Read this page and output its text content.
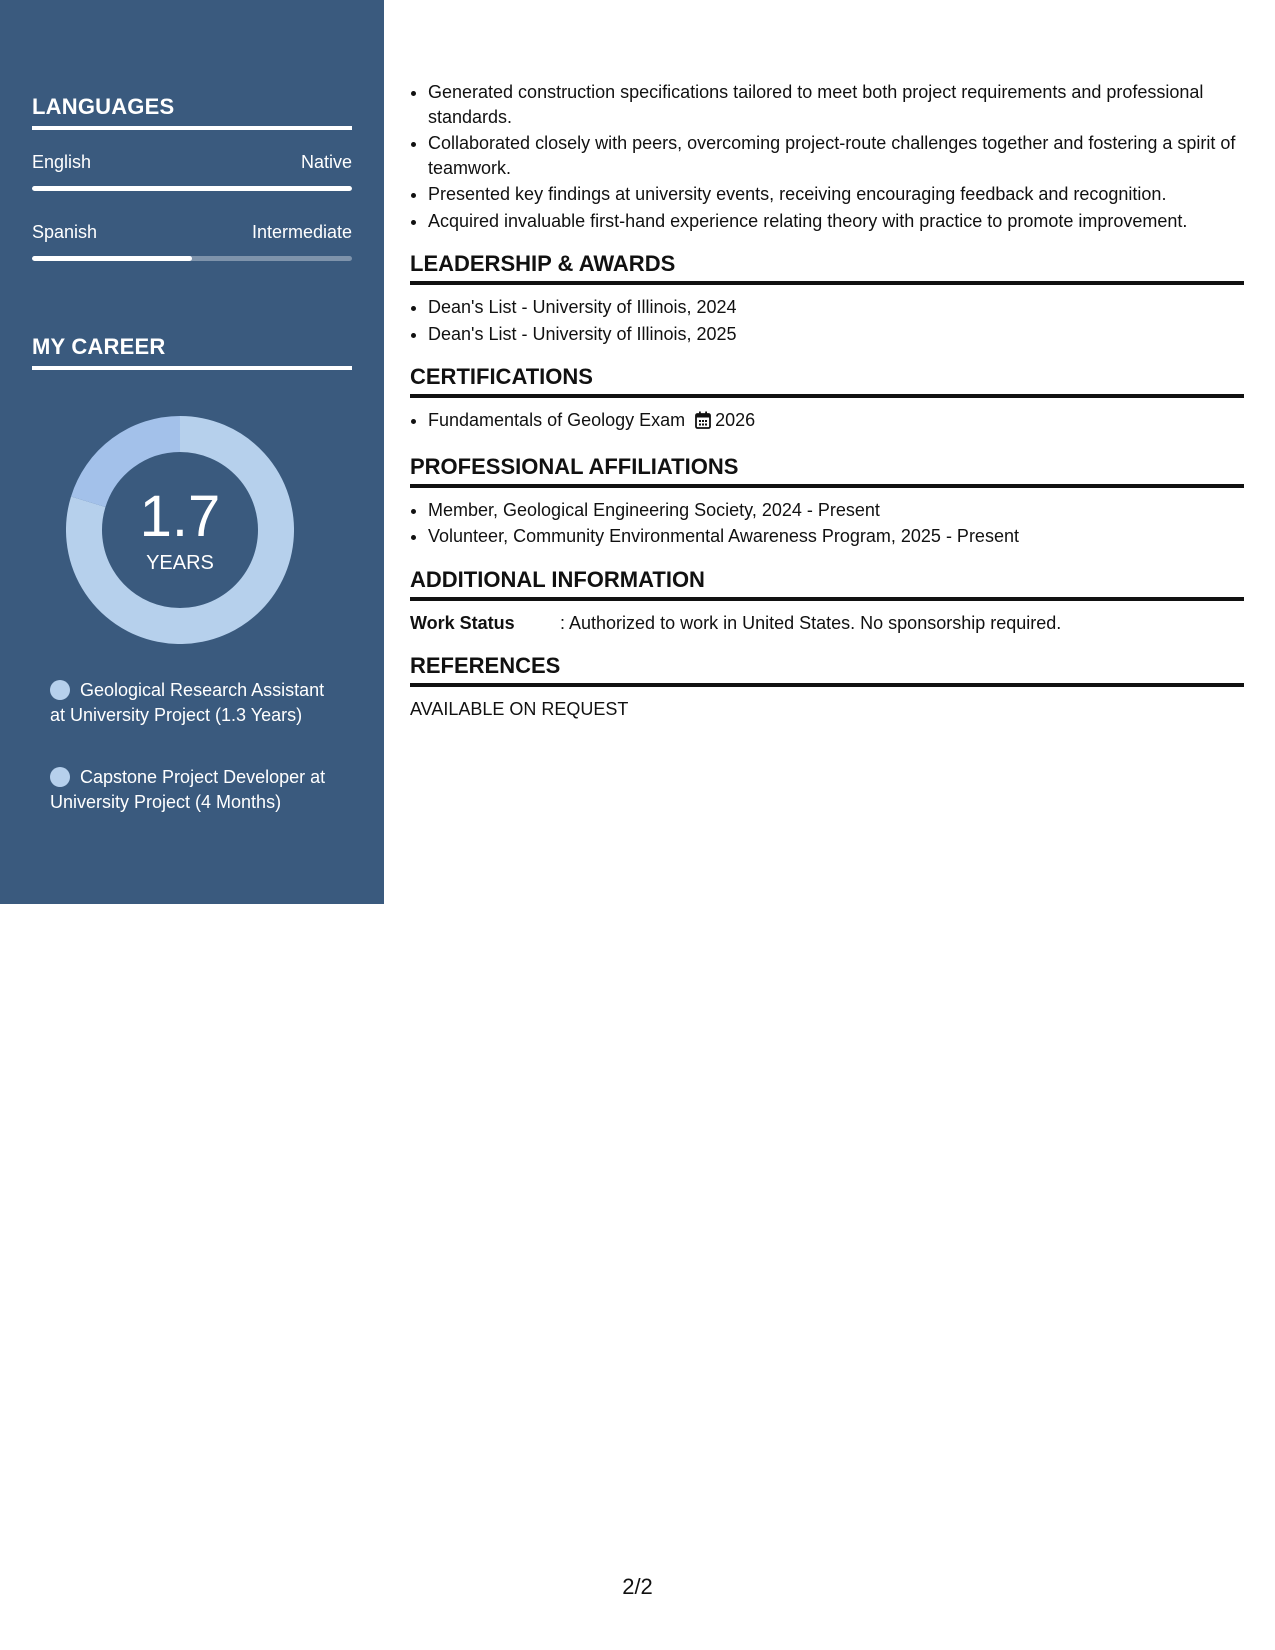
LANGUAGES
English	Native
Spanish	Intermediate
MY CAREER
1.7
YEARS
Geological Research Assistant at University Project (1.3 Years)
Capstone Project Developer at University Project (4 Months)
• Generated construction specifications tailored to meet both project requirements and professional standards.
• Collaborated closely with peers, overcoming project-route challenges together and fostering a spirit of teamwork.
• Presented key findings at university events, receiving encouraging feedback and recognition.
• Acquired invaluable first-hand experience relating theory with practice to promote improvement.
LEADERSHIP & AWARDS
• Dean's List - University of Illinois, 2024
• Dean's List - University of Illinois, 2025
CERTIFICATIONS
• Fundamentals of Geology Exam 2026
PROFESSIONAL AFFILIATIONS
• Member, Geological Engineering Society, 2024 - Present
• Volunteer, Community Environmental Awareness Program, 2025 - Present
ADDITIONAL INFORMATION
Work Status	: Authorized to work in United States. No sponsorship required.
REFERENCES
AVAILABLE ON REQUEST
2/2
